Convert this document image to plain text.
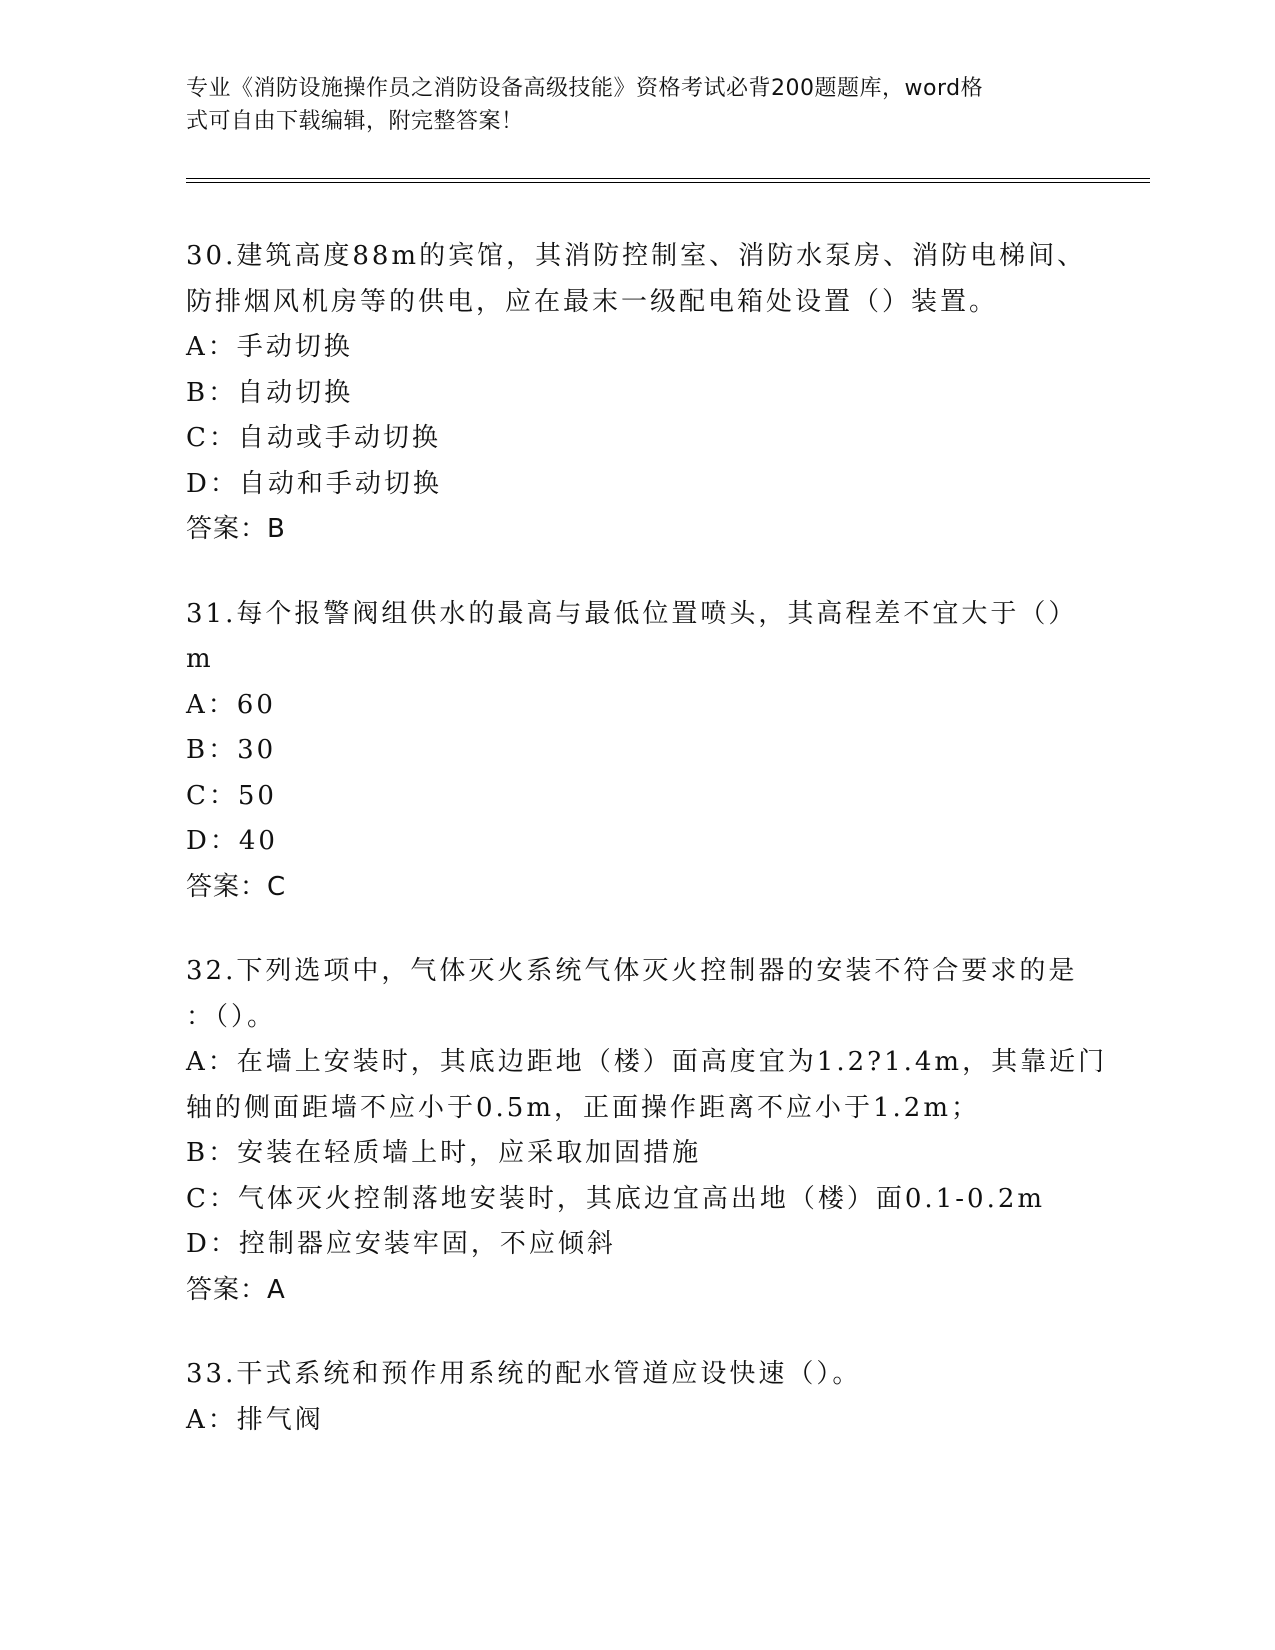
专业《消防设施操作员之消防设备高级技能》资格考试必背200题题库，word格
式可自由下载编辑，附完整答案！
30.建筑高度88m的宾馆，其消防控制室、消防水泵房、消防电梯间、
防排烟风机房等的供电，应在最末一级配电箱处设置（）装置。
A：手动切换
B：自动切换
C：自动或手动切换
D：自动和手动切换
答案：B
31.每个报警阀组供水的最高与最低位置喷头，其高程差不宜大于（）
m
A：60
B：30
C：50
D：40
答案：C
32.下列选项中，气体灭火系统气体灭火控制器的安装不符合要求的是
：（）。
A：在墙上安装时，其底边距地（楼）面高度宜为1.2?1.4m，其靠近门
轴的侧面距墙不应小于0.5m，正面操作距离不应小于1.2m；
B：安装在轻质墙上时，应采取加固措施
C：气体灭火控制落地安装时，其底边宜高出地（楼）面0.1-0.2m
D：控制器应安装牢固，不应倾斜
答案：A
33.干式系统和预作用系统的配水管道应设快速（）。
A：排气阀
